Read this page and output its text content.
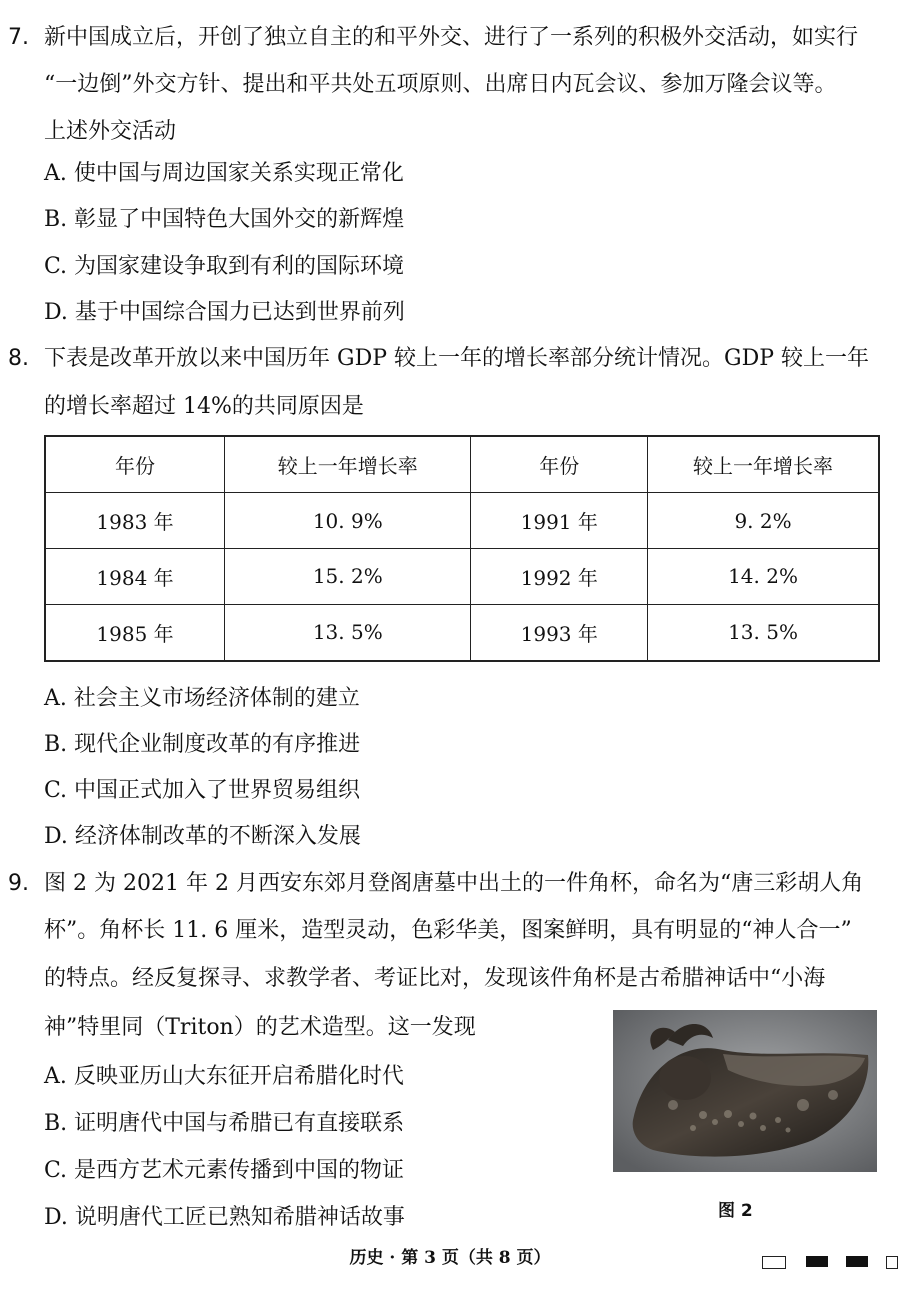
7. 新中国成立后，开创了独立自主的和平外交、进行了一系列的积极外交活动，如实行
“一边倒”外交方针、提出和平共处五项原则、出席日内瓦会议、参加万隆会议等。
上述外交活动
A. 使中国与周边国家关系实现正常化
B. 彰显了中国特色大国外交的新辉煌
C. 为国家建设争取到有利的国际环境
D. 基于中国综合国力已达到世界前列
8. 下表是改革开放以来中国历年 GDP 较上一年的增长率部分统计情况。GDP 较上一年
的增长率超过 14%的共同原因是
年份	较上一年增长率	年份	较上一年增长率
1983 年	10. 9%	1991 年	9. 2%
1984 年	15. 2%	1992 年	14. 2%
1985 年	13. 5%	1993 年	13. 5%
A. 社会主义市场经济体制的建立
B. 现代企业制度改革的有序推进
C. 中国正式加入了世界贸易组织
D. 经济体制改革的不断深入发展
9. 图 2 为 2021 年 2 月西安东郊月登阁唐墓中出土的一件角杯，命名为“唐三彩胡人角
杯”。角杯长 11. 6 厘米，造型灵动，色彩华美，图案鲜明，具有明显的“神人合一”
的特点。经反复探寻、求教学者、考证比对，发现该件角杯是古希腊神话中“小海
神”特里同（Triton）的艺术造型。这一发现
A. 反映亚历山大东征开启希腊化时代
B. 证明唐代中国与希腊已有直接联系
C. 是西方艺术元素传播到中国的物证
D. 说明唐代工匠已熟知希腊神话故事	图 2
历史 · 第 3 页（共 8 页）
